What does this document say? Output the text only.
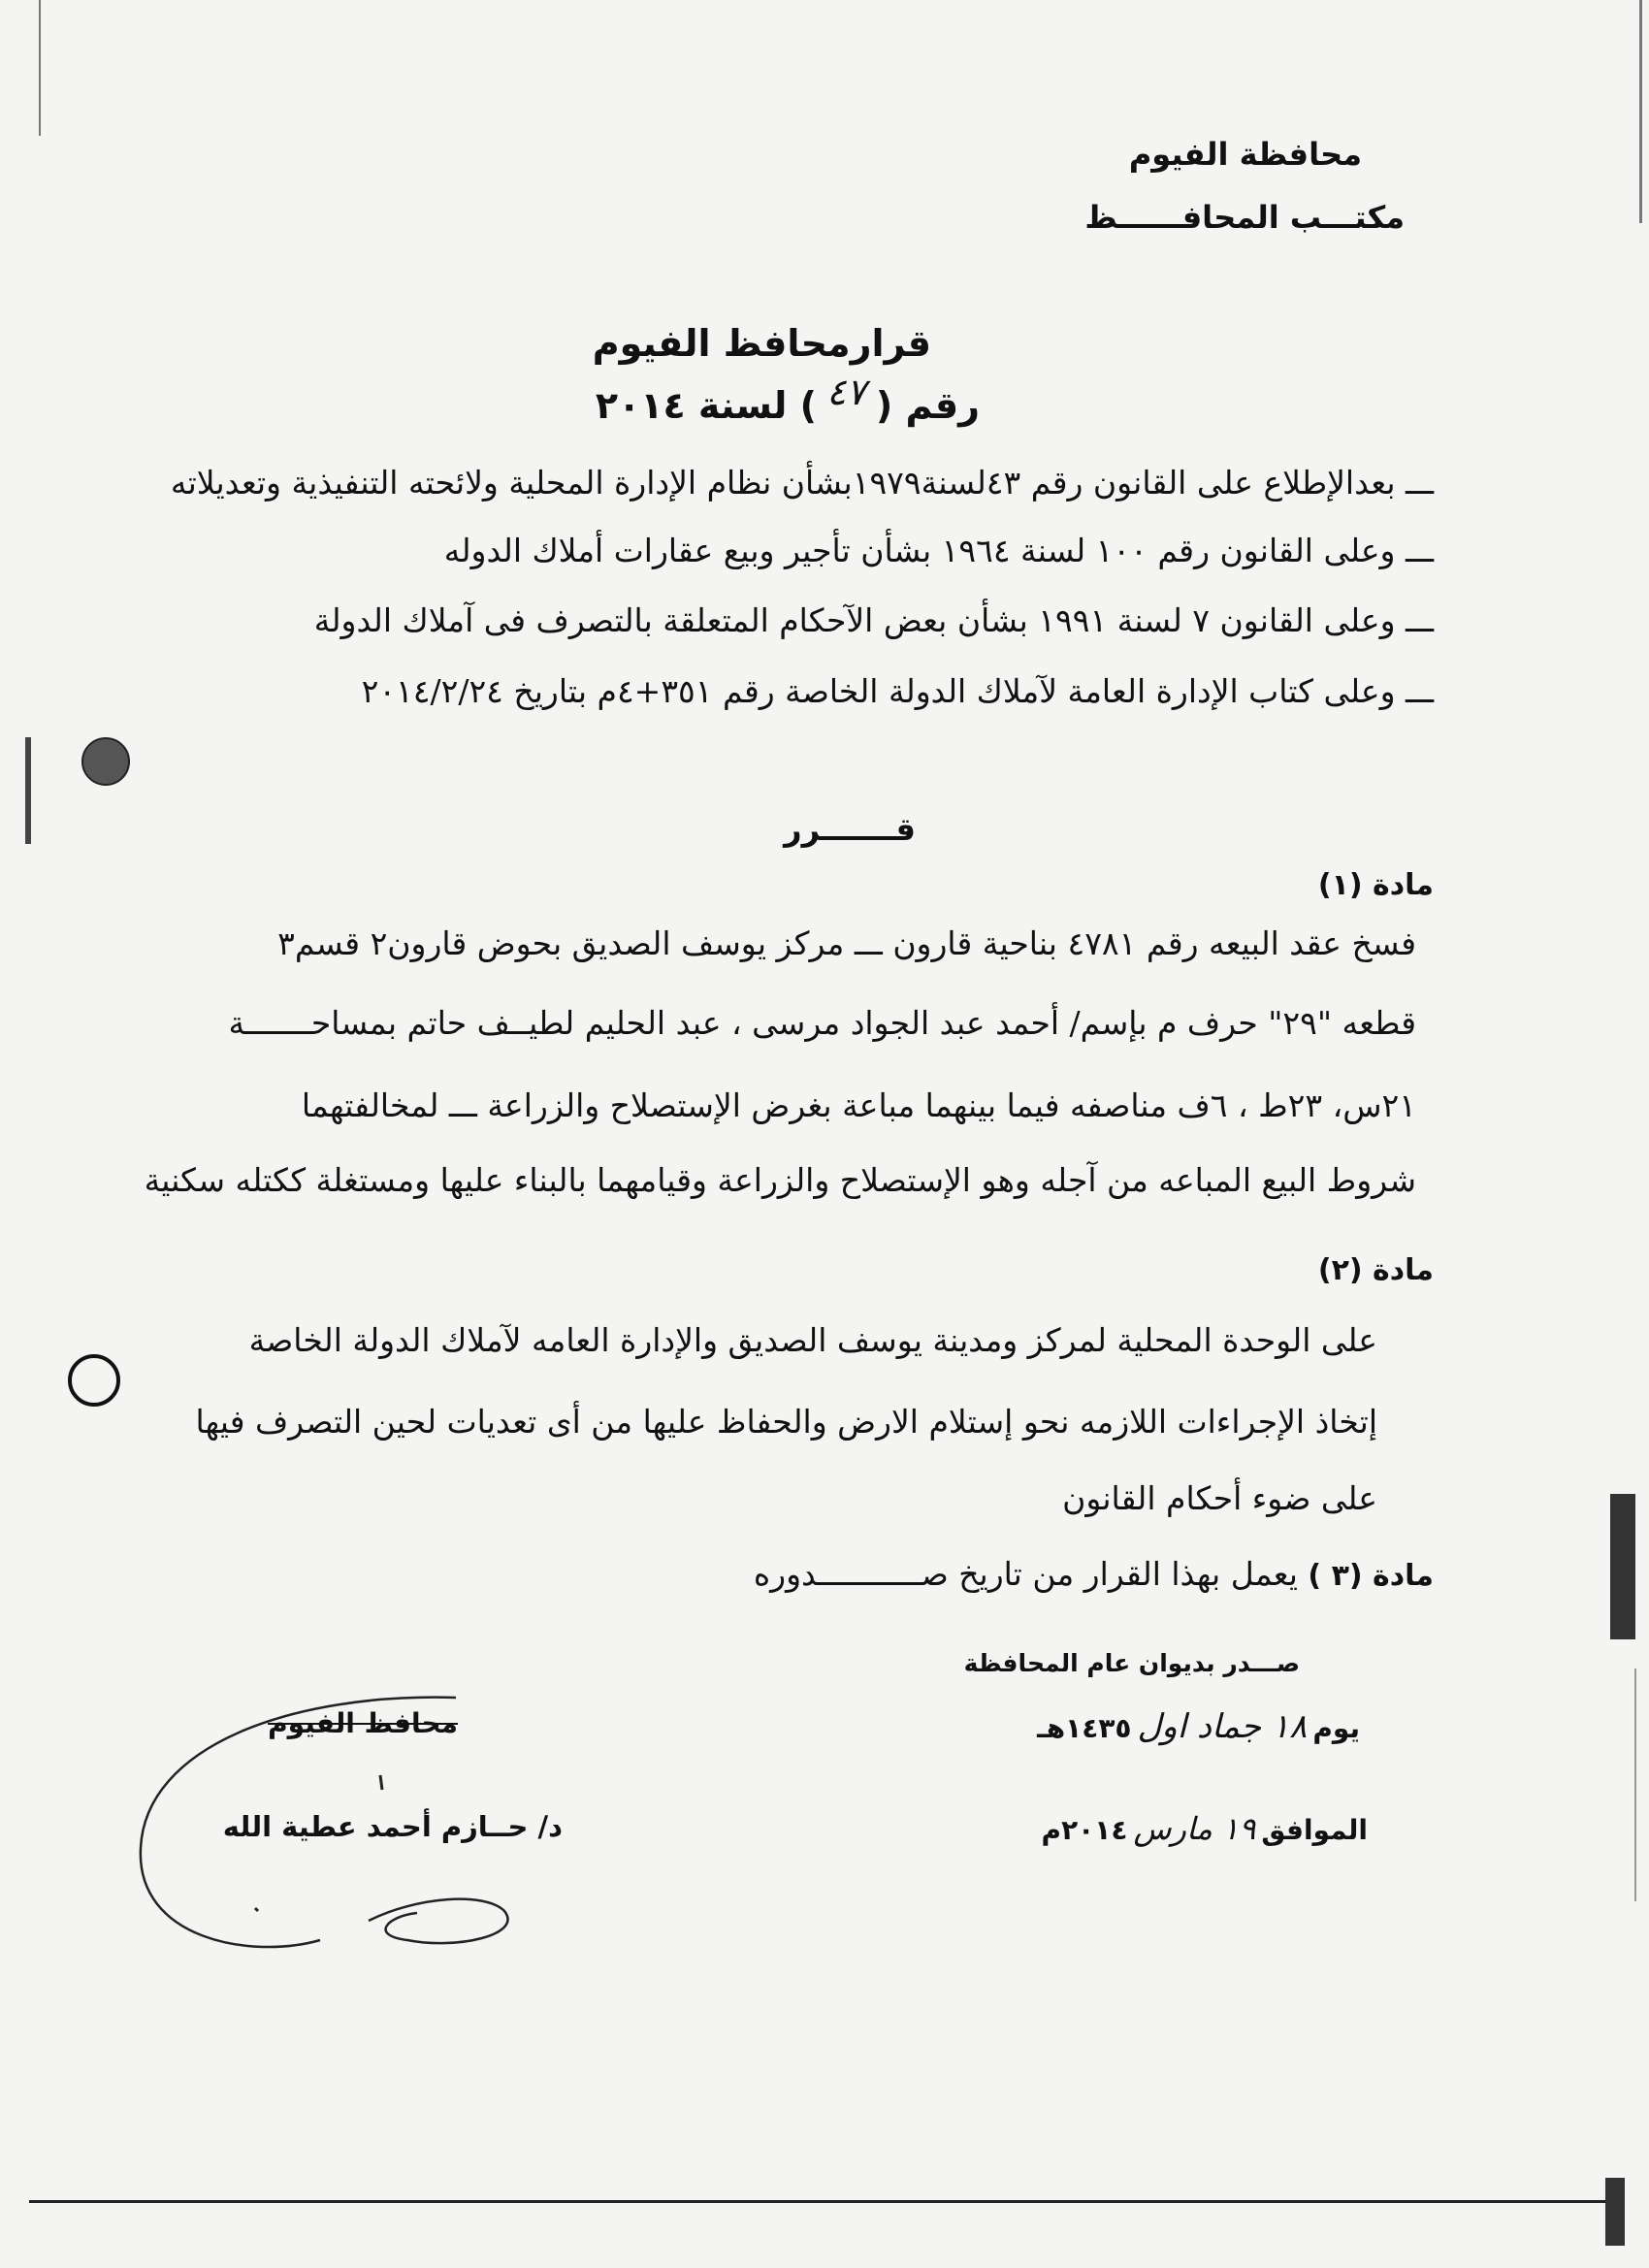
محافظة الفيوم
مكتـــب المحافــــــظ
قرارمحافظ الفيوم
رقم (٤٧) لسنة ٢٠١٤
ـــ بعدالإطلاع على القانون رقم ٤٣لسنة١٩٧٩بشأن نظام الإدارة المحلية ولائحته التنفيذية وتعديلاته
ـــ وعلى القانون رقم ١٠٠ لسنة ١٩٦٤ بشأن تأجير وبيع عقارات أملاك الدوله
ـــ وعلى القانون ٧ لسنة ١٩٩١ بشأن بعض الآحكام المتعلقة بالتصرف فى آملاك الدولة
ـــ وعلى كتاب الإدارة العامة لآملاك الدولة الخاصة رقم ٣٥١+٤م بتاريخ ٢٠١٤/٢/٢٤
قـــــــرر
مادة (١)
فسخ عقد البيعه رقم ٤٧٨١ بناحية قارون ـــ مركز يوسف الصديق بحوض قارون٢ قسم٣
قطعه "٢٩" حرف م بإسم/ أحمد عبد الجواد مرسى ، عبد الحليم لطيــف حاتم بمساحـــــــة
٢١س، ٢٣ط ، ٦ف مناصفه فيما بينهما مباعة بغرض الإستصلاح والزراعة ـــ لمخالفتهما
شروط البيع المباعه من آجله وهو الإستصلاح والزراعة وقيامهما بالبناء عليها ومستغلة ككتله سكنية
مادة (٢)
على الوحدة المحلية لمركز ومدينة يوسف الصديق والإدارة العامه لآملاك الدولة الخاصة
إتخاذ الإجراءات اللازمه نحو إستلام الارض والحفاظ عليها من أى تعديات لحين التصرف فيها
على ضوء أحكام القانون
مادة (٣ ) يعمل بهذا القرار من تاريخ صـــــــــــدوره
صـــدر بديوان عام المحافظة
يوم١٨ جماد اول١٤٣٥هـ
الموافق١٩ مارس٢٠١٤م
محافظ الفيوم
د/ حــازم أحمد عطية الله
